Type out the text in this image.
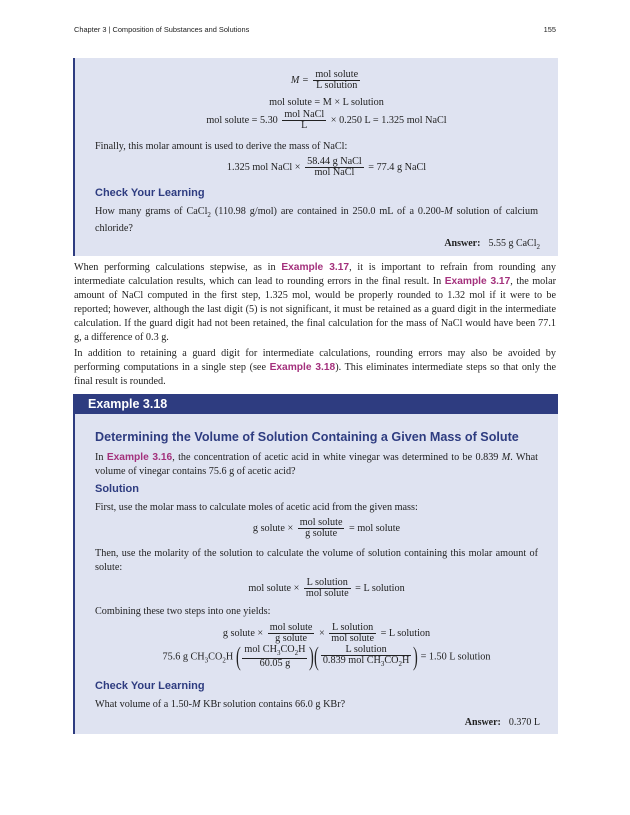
Chapter 3 | Composition of Substances and Solutions	155
$M = \frac{\text{mol solute}}{\text{L solution}}$
mol solute = M × L solution
mol solute = $5.30 \frac{\text{mol NaCl}}{L} \times 0.250$ L = 1.325 mol NaCl
Finally, this molar amount is used to derive the mass of NaCl:
1.325 mol NaCl × $\frac{\text{58.44 g NaCl}}{\text{mol NaCl}} = 77.4$ g NaCl
Check Your Learning
How many grams of CaCl$_2$ (110.98 g/mol) are contained in 250.0 mL of a 0.200-M solution of calcium chloride?
Answer: 5.55 g CaCl$_2$
When performing calculations stepwise, as in Example 3.17, it is important to refrain from rounding any intermediate calculation results, which can lead to rounding errors in the final result. In Example 3.17, the molar amount of NaCl computed in the first step, 1.325 mol, would be properly rounded to 1.32 mol if it were to be reported; however, although the last digit (5) is not significant, it must be retained as a guard digit in the intermediate calculation. If the guard digit had not been retained, the final calculation for the mass of NaCl would have been 77.1 g, a difference of 0.3 g.
In addition to retaining a guard digit for intermediate calculations, rounding errors may also be avoided by performing computations in a single step (see Example 3.18). This eliminates intermediate steps so that only the final result is rounded.
Example 3.18
Determining the Volume of Solution Containing a Given Mass of Solute
In Example 3.16, the concentration of acetic acid in white vinegar was determined to be 0.839 M. What volume of vinegar contains 75.6 g of acetic acid?
Solution
First, use the molar mass to calculate moles of acetic acid from the given mass:
g solute × $\frac{\text{mol solute}}{\text{g solute}}$ = mol solute
Then, use the molarity of the solution to calculate the volume of solution containing this molar amount of solute:
mol solute × $\frac{\text{L solution}}{\text{mol solute}} = L$ solution
Combining these two steps into one yields:
g solute × $\frac{\text{mol solute}}{\text{g solute}} \times \frac{\text{L solution}}{\text{mol solute}} = L$ solution
75.6 g $CH_3CO_2H$ ( $\frac{mol CH_3CO_2H}{60.05 g}$ )( $\frac{\text{L solution}}{0.839 mol CH_3CO_2H}$ ) = 1.50 L solution
Check Your Learning
What volume of a 1.50-M KBr solution contains 66.0 g KBr?
Answer: 0.370 L
